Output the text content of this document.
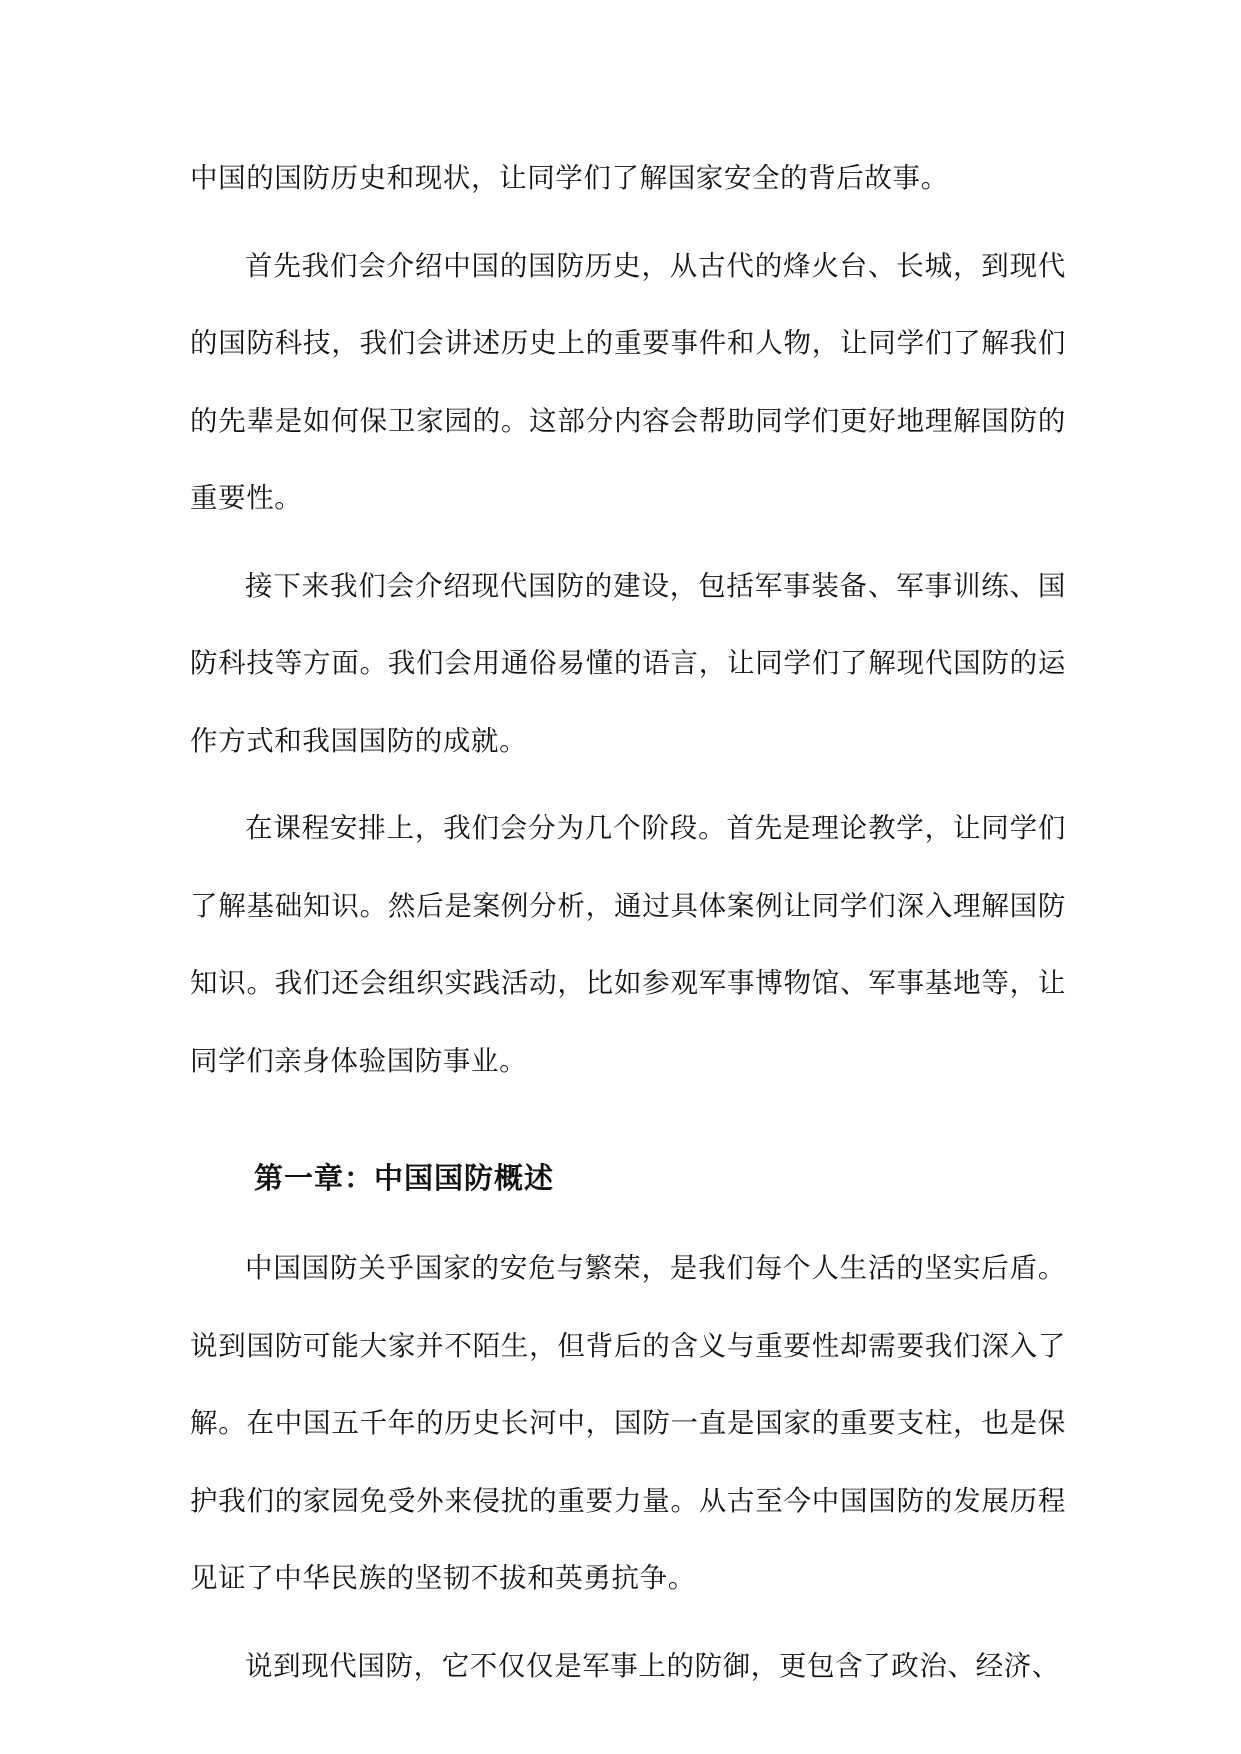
中国的国防历史和现状，让同学们了解国家安全的背后故事。

首先我们会介绍中国的国防历史，从古代的烽火台、长城，到现代的国防科技，我们会讲述历史上的重要事件和人物，让同学们了解我们的先辈是如何保卫家园的。这部分内容会帮助同学们更好地理解国防的重要性。

接下来我们会介绍现代国防的建设，包括军事装备、军事训练、国防科技等方面。我们会用通俗易懂的语言，让同学们了解现代国防的运作方式和我国国防的成就。

在课程安排上，我们会分为几个阶段。首先是理论教学，让同学们了解基础知识。然后是案例分析，通过具体案例让同学们深入理解国防知识。我们还会组织实践活动，比如参观军事博物馆、军事基地等，让同学们亲身体验国防事业。

第一章：中国国防概述

中国国防关乎国家的安危与繁荣，是我们每个人生活的坚实后盾。说到国防可能大家并不陌生，但背后的含义与重要性却需要我们深入了解。在中国五千年的历史长河中，国防一直是国家的重要支柱，也是保护我们的家园免受外来侵扰的重要力量。从古至今中国国防的发展历程见证了中华民族的坚韧不拔和英勇抗争。

说到现代国防，它不仅仅是军事上的防御，更包含了政治、经济、
